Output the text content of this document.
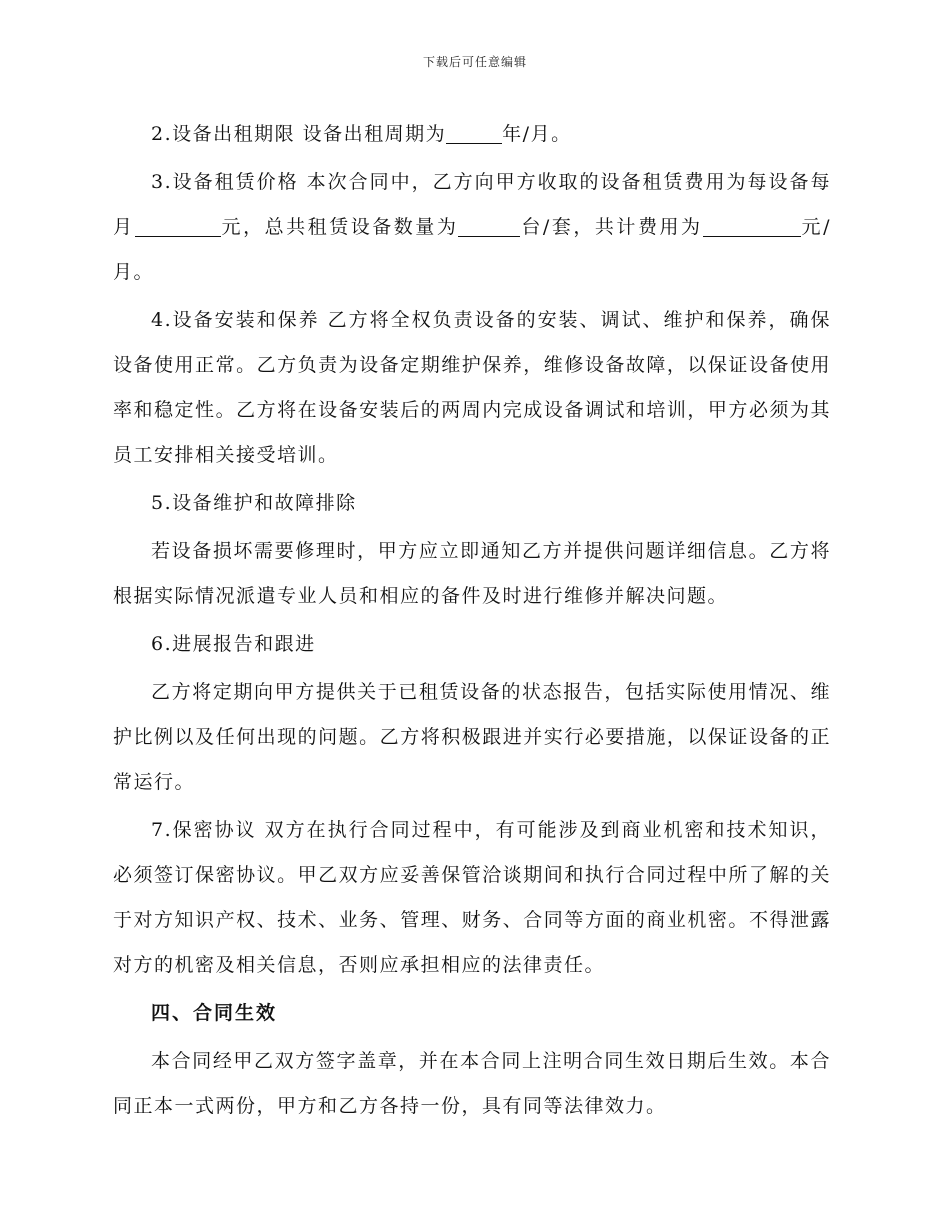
下载后可任意编辑

2.设备出租期限 设备出租周期为	年/月。

3.设备租赁价格 本次合同中，乙方向甲方收取的设备租赁费用为每设备每月	元，总共租赁设备数量为	台/套，共计费用为	元/月。

4.设备安装和保养 乙方将全权负责设备的安装、调试、维护和保养，确保设备使用正常。乙方负责为设备定期维护保养，维修设备故障，以保证设备使用率和稳定性。乙方将在设备安装后的两周内完成设备调试和培训，甲方必须为其员工安排相关接受培训。

5.设备维护和故障排除

若设备损坏需要修理时，甲方应立即通知乙方并提供问题详细信息。乙方将根据实际情况派遣专业人员和相应的备件及时进行维修并解决问题。

6.进展报告和跟进

乙方将定期向甲方提供关于已租赁设备的状态报告，包括实际使用情况、维护比例以及任何出现的问题。乙方将积极跟进并实行必要措施，以保证设备的正常运行。

7.保密协议 双方在执行合同过程中，有可能涉及到商业机密和技术知识，必须签订保密协议。甲乙双方应妥善保管洽谈期间和执行合同过程中所了解的关于对方知识产权、技术、业务、管理、财务、合同等方面的商业机密。不得泄露对方的机密及相关信息，否则应承担相应的法律责任。

四、合同生效

本合同经甲乙双方签字盖章，并在本合同上注明合同生效日期后生效。本合同正本一式两份，甲方和乙方各持一份，具有同等法律效力。
